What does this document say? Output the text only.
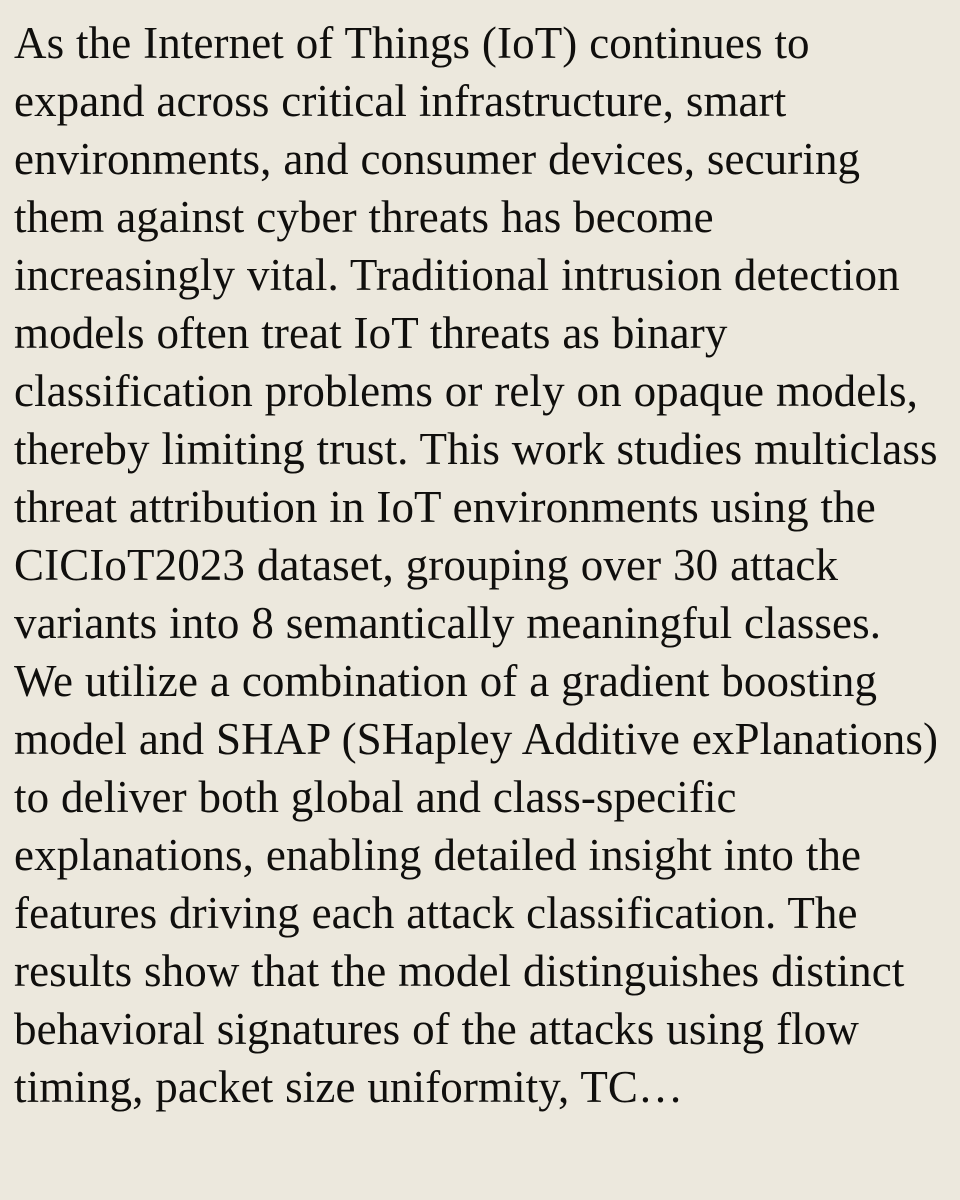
As the Internet of Things (IoT) continues to expand across critical infrastructure, smart environments, and consumer devices, securing them against cyber threats has become increasingly vital. Traditional intrusion detection models often treat IoT threats as binary classification problems or rely on opaque models, thereby limiting trust. This work studies multiclass threat attribution in IoT environments using the CICIoT2023 dataset, grouping over 30 attack variants into 8 semantically meaningful classes. We utilize a combination of a gradient boosting model and SHAP (SHapley Additive exPlanations) to deliver both global and class-specific explanations, enabling detailed insight into the features driving each attack classification. The results show that the model distinguishes distinct behavioral signatures of the attacks using flow timing, packet size uniformity, TC…
